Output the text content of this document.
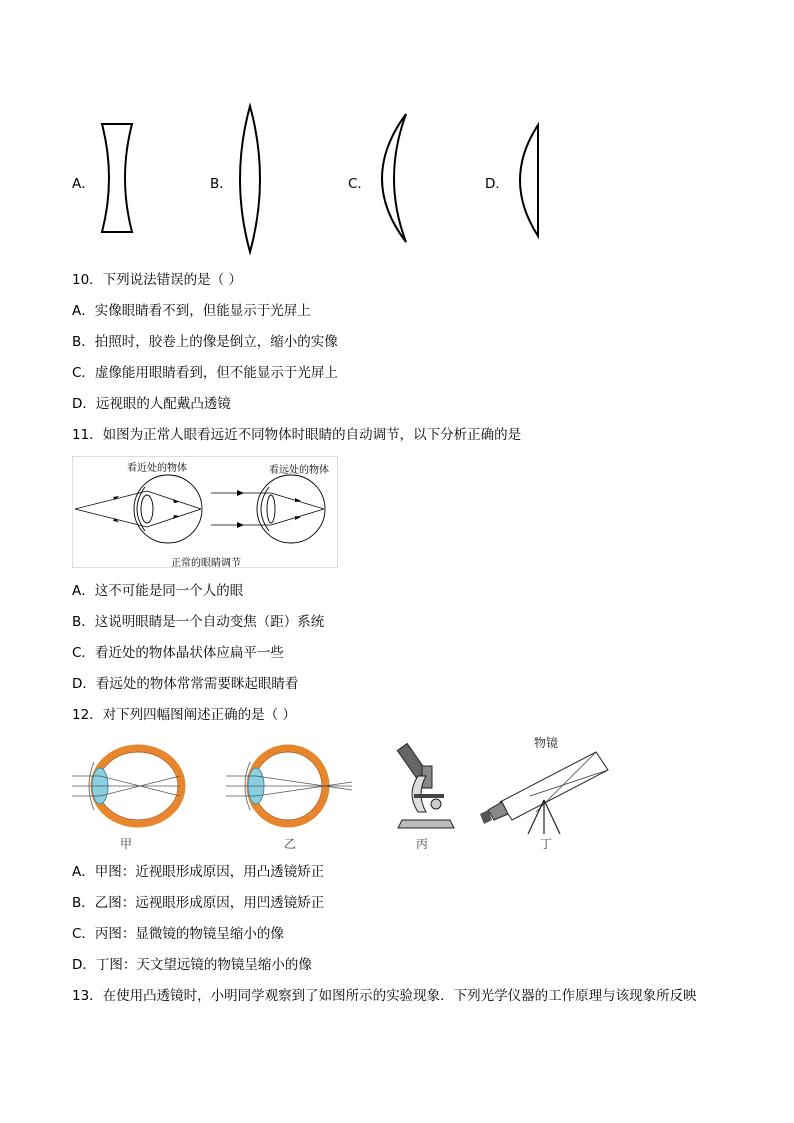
A．	B．	C．	D．
10．下列说法错误的是（ ）
A．实像眼睛看不到，但能显示于光屏上
B．拍照时，胶卷上的像是倒立，缩小的实像
C．虚像能用眼睛看到，但不能显示于光屏上
D．远视眼的人配戴凸透镜
11．如图为正常人眼看远近不同物体时眼睛的自动调节，以下分析正确的是
看近处的物体	看远处的物体
正常的眼睛调节
A．这不可能是同一个人的眼
B．这说明眼睛是一个自动变焦（距）系统
C．看近处的物体晶状体应扁平一些
D．看远处的物体常常需要眯起眼睛看
12．对下列四幅图阐述正确的是（ ）
甲	乙	丙
物镜
丁
A．甲图：近视眼形成原因，用凸透镜矫正
B．乙图：远视眼形成原因，用凹透镜矫正
C．丙图：显微镜的物镜呈缩小的像
D．丁图：天文望远镜的物镜呈缩小的像
13．在使用凸透镜时，小明同学观察到了如图所示的实验现象．下列光学仪器的工作原理与该现象所反映
